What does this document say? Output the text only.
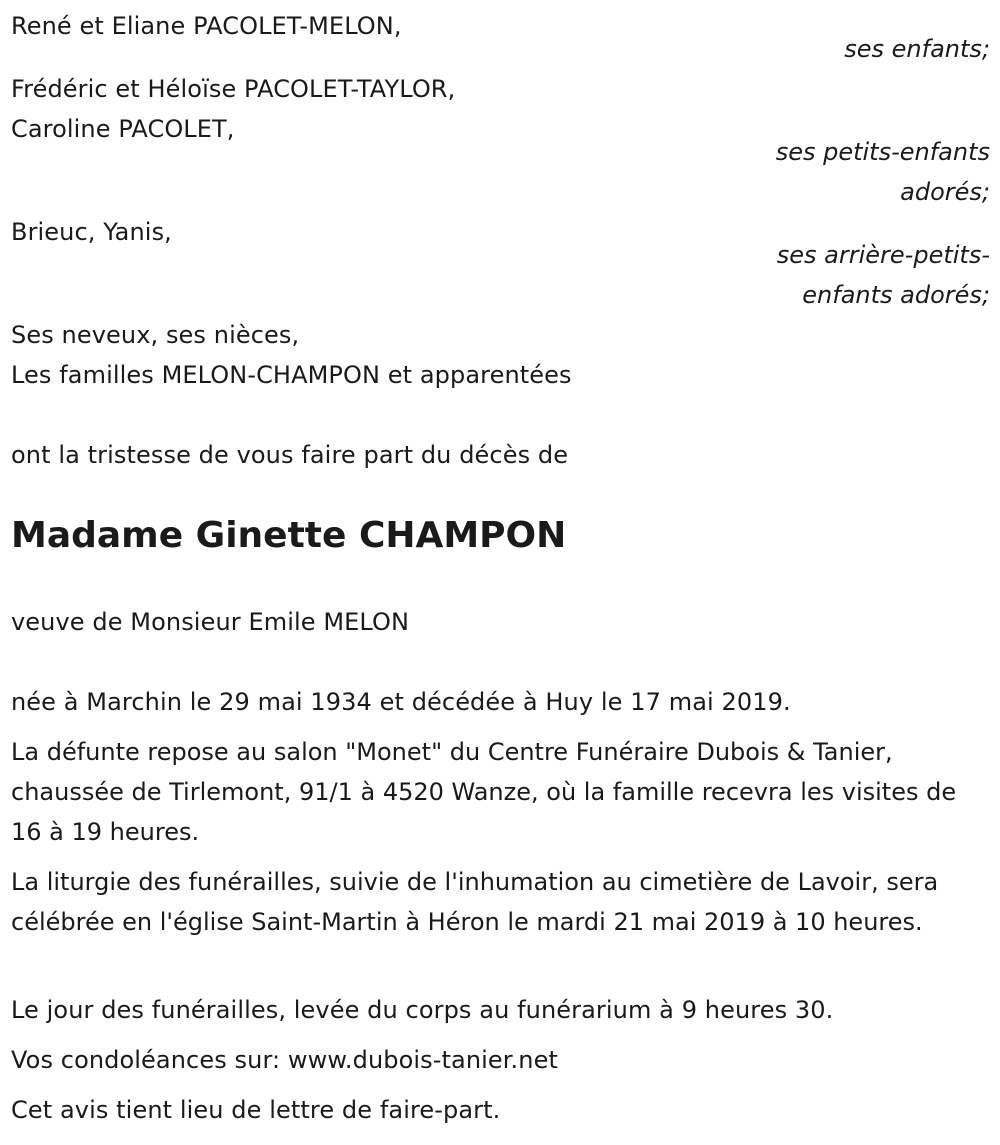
René et Eliane PACOLET-MELON,
ses enfants;
Frédéric et Héloïse PACOLET-TAYLOR,
Caroline PACOLET,
ses petits-enfants
adorés;
Brieuc, Yanis,
ses arrière-petits-
enfants adorés;
Ses neveux, ses nièces,
Les familles MELON-CHAMPON et apparentées
ont la tristesse de vous faire part du décès de
Madame Ginette CHAMPON
veuve de Monsieur Emile MELON
née à Marchin le 29 mai 1934 et décédée à Huy le 17 mai 2019.
La défunte repose au salon "Monet" du Centre Funéraire Dubois & Tanier, chaussée de Tirlemont, 91/1 à 4520 Wanze, où la famille recevra les visites de 16 à 19 heures.
La liturgie des funérailles, suivie de l'inhumation au cimetière de Lavoir, sera célébrée en l'église Saint-Martin à Héron le mardi 21 mai 2019 à 10 heures.
Le jour des funérailles, levée du corps au funérarium à 9 heures 30.
Vos condoléances sur: www.dubois-tanier.net
Cet avis tient lieu de lettre de faire-part.
